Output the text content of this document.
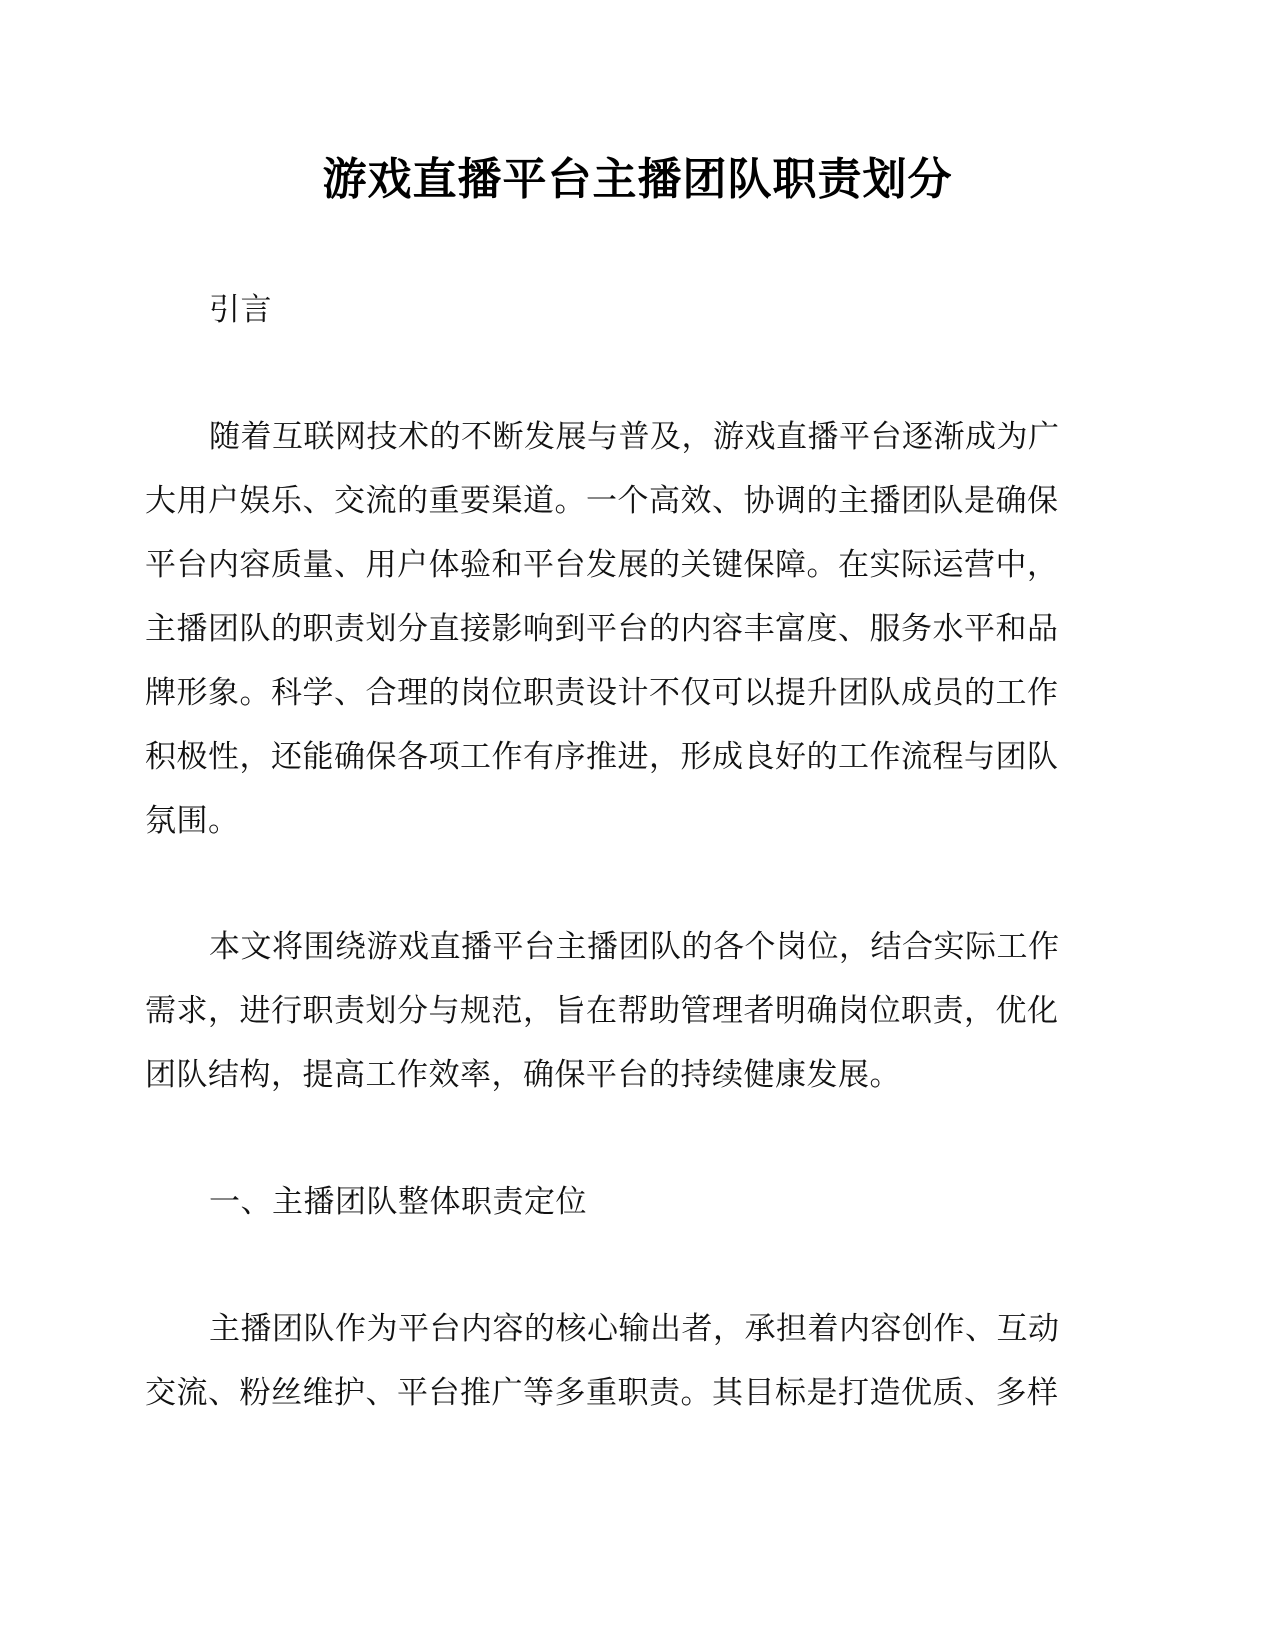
游戏直播平台主播团队职责划分
引言
随着互联网技术的不断发展与普及，游戏直播平台逐渐成为广
大用户娱乐、交流的重要渠道。一个高效、协调的主播团队是确保
平台内容质量、用户体验和平台发展的关键保障。在实际运营中，
主播团队的职责划分直接影响到平台的内容丰富度、服务水平和品
牌形象。科学、合理的岗位职责设计不仅可以提升团队成员的工作
积极性，还能确保各项工作有序推进，形成良好的工作流程与团队
氛围。
本文将围绕游戏直播平台主播团队的各个岗位，结合实际工作
需求，进行职责划分与规范，旨在帮助管理者明确岗位职责，优化
团队结构，提高工作效率，确保平台的持续健康发展。
一、主播团队整体职责定位
主播团队作为平台内容的核心输出者，承担着内容创作、互动
交流、粉丝维护、平台推广等多重职责。其目标是打造优质、多样
